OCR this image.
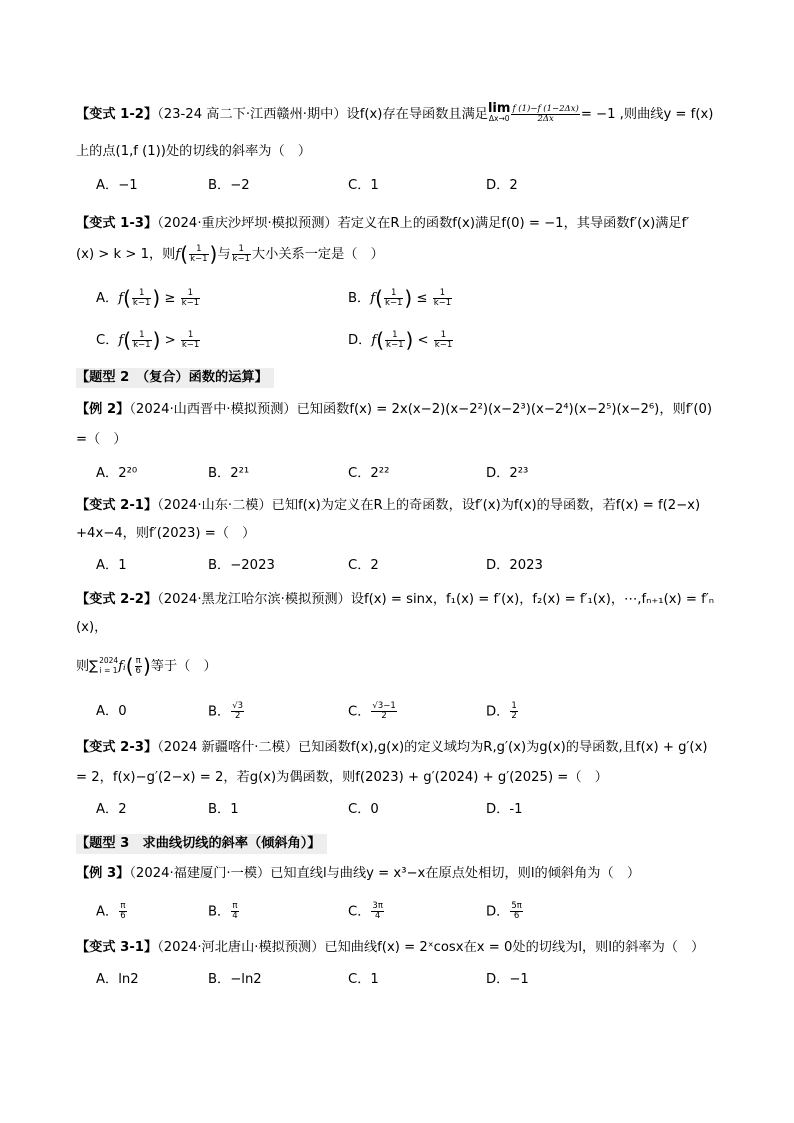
【变式 1-2】（23-24 高二下·江西赣州·期中）设f(x)存在导函数且满足lim
$\Delta x\to 0 \frac{f (1)-f (1-2\Delta x)}{2\Delta x} = -1$ ,则曲线y = f(x)
上的点(1,f (1))处的切线的斜率为（　）
A．−1	B．−2	C．1	D．2
【变式 1-3】（2024·重庆沙坪坝·模拟预测）若定义在R上的函数f(x)满足f(0) = −1，其导函数f′(x)满足f′
(x) > k > 1，则$f( \frac{1}{k-1}$ )与 $\frac{1}{k-1}$ 大小关系一定是（　）
A．$f( \frac{1}{k-1}$ ) ≥ $\frac{1}{k-1}$	B．$f( \frac{1}{k-1}$ ) ≤ $\frac{1}{k-1}$
C．$f( \frac{1}{k-1}$ ) > $\frac{1}{k-1}$	D．$f( \frac{1}{k-1}$ ) < $\frac{1}{k-1}$
【题型 2　（复合）函数的运算】
【例 2】（2024·山西晋中·模拟预测）已知函数f(x) = 2x(x−2)(x−2²)(x−2³)(x−2⁴)(x−2⁵)(x−2⁶)，则f′(0)
=（　）
A．2²⁰	B．2²¹	C．2²²	D．2²³
【变式 2-1】（2024·山东·二模）已知f(x)为定义在R上的奇函数，设f′(x)为f(x)的导函数，若f(x) = f(2−x)
+4x−4，则f′(2023) =（　）
A．1	B．−2023	C．2	D．2023
【变式 2-2】（2024·黑龙江哈尔滨·模拟预测）设f(x) = sinx，f₁(x) = f′(x)，f₂(x) = f′₁(x)，⋯,fₙ₊₁(x) = f′ₙ
(x)，
则∑ 2024
i = 1 fᵢ( $\frac{\pi}{6}$ )等于（　）
A．0	B． $\frac{√3}{2}$	C． $\frac{√3-1}{2}$	D． $\frac{1}{2}$
【变式 2-3】（2024 新疆喀什·二模）已知函数f(x),g(x)的定义域均为R,g′(x)为g(x)的导函数,且f(x) + g′(x)
= 2，f(x)−g′(2−x) = 2，若g(x)为偶函数，则f(2023) + g′(2024) + g′(2025) =（　）
A．2	B．1	C．0	D．-1
【题型 3　求曲线切线的斜率（倾斜角）】
【例 3】（2024·福建厦门·一模）已知直线l与曲线y = x³−x在原点处相切，则l的倾斜角为（　）
A． $\frac{\pi}{6}$	B． $\frac{\pi}{4}$	C． $\frac{3\pi}{4}$	D． $\frac{5\pi}{6}$
【变式 3-1】（2024·河北唐山·模拟预测）已知曲线f(x) = 2ˣcosx在x = 0处的切线为l，则l的斜率为（　）
A．ln2	B．−ln2	C．1	D．−1
